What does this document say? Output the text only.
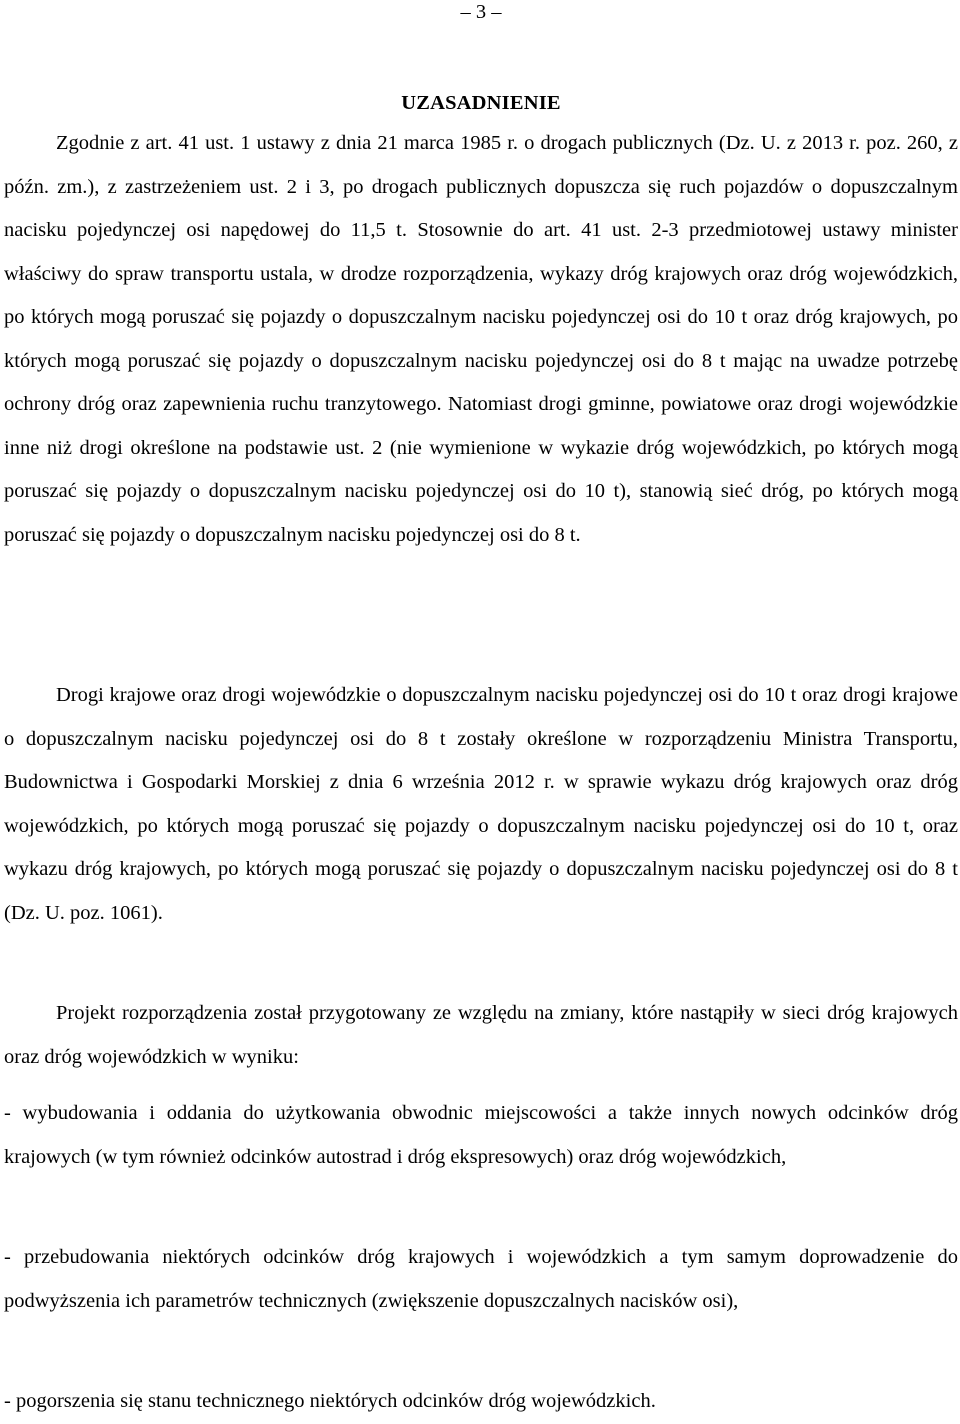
– 3 –
UZASADNIENIE

Zgodnie z art. 41 ust. 1 ustawy z dnia 21 marca 1985 r. o drogach publicznych (Dz. U. z 2013 r. poz. 260, z późn. zm.), z zastrzeżeniem ust. 2 i 3, po drogach publicznych dopuszcza się ruch pojazdów o dopuszczalnym nacisku pojedynczej osi napędowej do 11,5 t. Stosownie do art. 41 ust. 2-3 przedmiotowej ustawy minister właściwy do spraw transportu ustala, w drodze rozporządzenia, wykazy dróg krajowych oraz dróg wojewódzkich, po których mogą poruszać się pojazdy o dopuszczalnym nacisku pojedynczej osi do 10 t oraz dróg krajowych, po których mogą poruszać się pojazdy o dopuszczalnym nacisku pojedynczej osi do 8 t mając na uwadze potrzebę ochrony dróg oraz zapewnienia ruchu tranzytowego. Natomiast drogi gminne, powiatowe oraz drogi wojewódzkie inne niż drogi określone na podstawie ust. 2 (nie wymienione w wykazie dróg wojewódzkich, po których mogą poruszać się pojazdy o dopuszczalnym nacisku pojedynczej osi do 10 t), stanowią sieć dróg, po których mogą poruszać się pojazdy o dopuszczalnym nacisku pojedynczej osi do 8 t.

Drogi krajowe oraz drogi wojewódzkie o dopuszczalnym nacisku pojedynczej osi do 10 t oraz drogi krajowe o dopuszczalnym nacisku pojedynczej osi do 8 t zostały określone w rozporządzeniu Ministra Transportu, Budownictwa i Gospodarki Morskiej z dnia 6 września 2012 r. w sprawie wykazu dróg krajowych oraz dróg wojewódzkich, po których mogą poruszać się pojazdy o dopuszczalnym nacisku pojedynczej osi do 10 t, oraz wykazu dróg krajowych, po których mogą poruszać się pojazdy o dopuszczalnym nacisku pojedynczej osi do 8 t (Dz. U. poz. 1061).

Projekt rozporządzenia został przygotowany ze względu na zmiany, które nastąpiły w sieci dróg krajowych oraz dróg wojewódzkich w wyniku:

- wybudowania i oddania do użytkowania obwodnic miejscowości a także innych nowych odcinków dróg krajowych (w tym również odcinków autostrad i dróg ekspresowych) oraz dróg wojewódzkich,

- przebudowania niektórych odcinków dróg krajowych i wojewódzkich a tym samym doprowadzenie do podwyższenia ich parametrów technicznych (zwiększenie dopuszczalnych nacisków osi),

- pogorszenia się stanu technicznego niektórych odcinków dróg wojewódzkich.
